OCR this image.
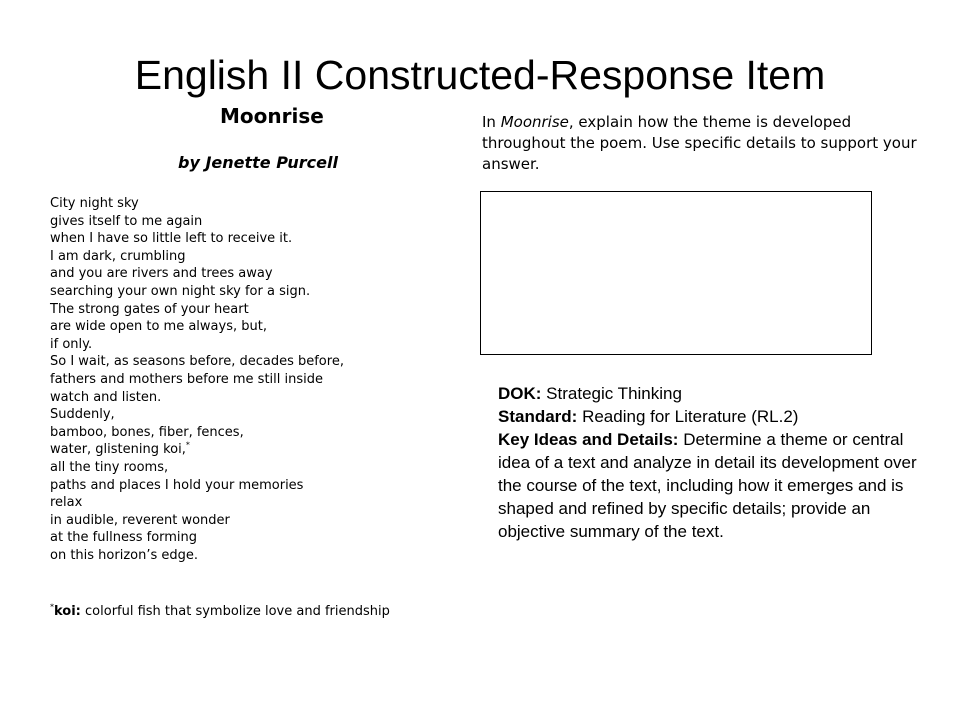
English II Constructed-Response Item
Moonrise
by Jenette Purcell
City night sky
gives itself to me again
when I have so little left to receive it.
I am dark, crumbling
and you are rivers and trees away
searching your own night sky for a sign.
The strong gates of your heart
are wide open to me always, but,
if only.
So I wait, as seasons before, decades before,
fathers and mothers before me still inside
watch and listen.
Suddenly,
bamboo, bones, fiber, fences,
water, glistening koi,*
all the tiny rooms,
paths and places I hold your memories
relax
in audible, reverent wonder
at the fullness forming
on this horizon’s edge.
*koi: colorful fish that symbolize love and friendship
In Moonrise, explain how the theme is developed throughout the poem. Use specific details to support your answer.

DOK: Strategic Thinking

Standard: Reading for Literature (RL.2)

Key Ideas and Details: Determine a theme or central idea of a text and analyze in detail its development over the course of the text, including how it emerges and is shaped and refined by specific details; provide an objective summary of the text.
